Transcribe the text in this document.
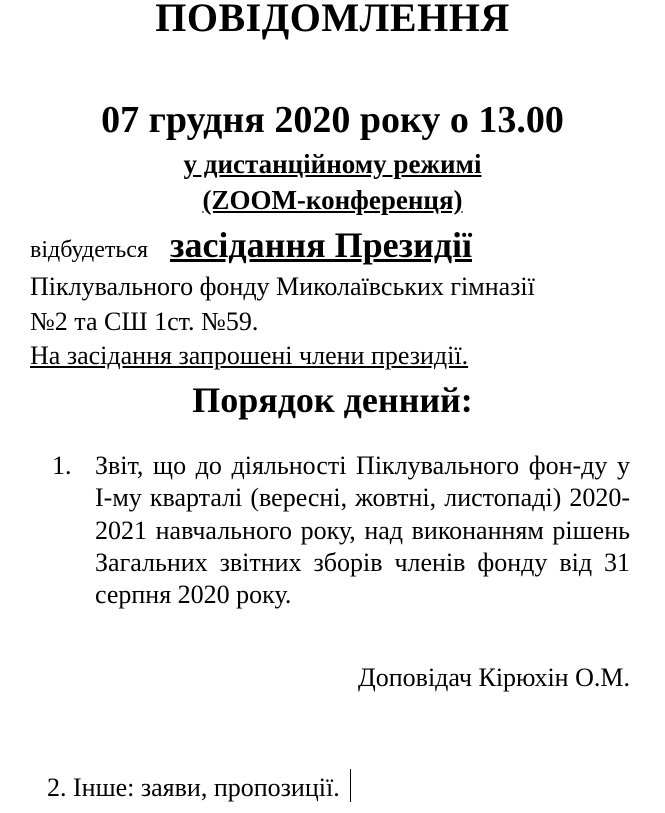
ПОВІДОМЛЕННЯ
07 грудня 2020 року о 13.00
у дистанційному режимі
(ZOOM-конференця)
відбудеться засідання Президії
Піклувального фонду Миколаївських гімназії
№2 та СШ 1ст. №59.
На засідання запрошені члени президії.
Порядок денний:
1. Звіт, що до діяльності Піклувального фон-ду у І-му кварталі (вересні, жовтні, листопаді) 2020-2021 навчального року, над виконанням рішень Загальних звітних зборів членів фонду від 31 серпня 2020 року.
Доповідач Кірюхін О.М.
2. Інше: заяви, пропозиції.
